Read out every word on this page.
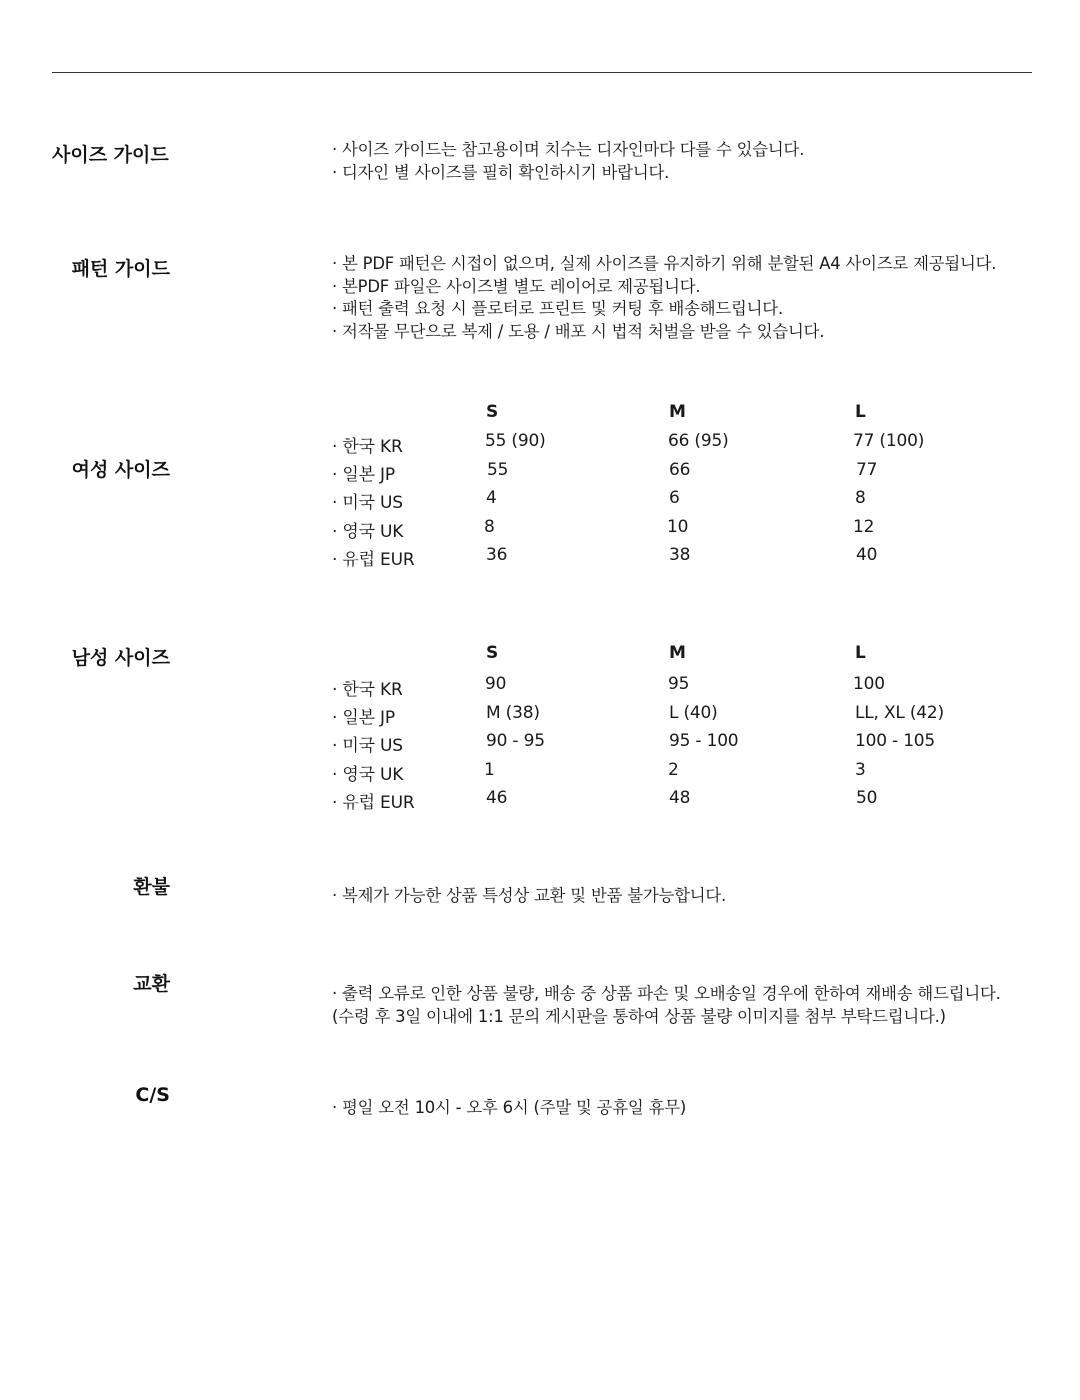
사이즈 가이드	· 사이즈 가이드는 참고용이며 치수는 디자인마다 다를 수 있습니다.
· 디자인 별 사이즈를 필히 확인하시기 바랍니다.
패턴 가이드	· 본 PDF 패턴은 시접이 없으며, 실제 사이즈를 유지하기 위해 분할된 A4 사이즈로 제공됩니다.
· 본PDF 파일은 사이즈별 별도 레이어로 제공됩니다.
· 패턴 출력 요청 시 플로터로 프린트 및 커팅 후 배송해드립니다.
· 저작물 무단으로 복제 / 도용 / 배포 시 법적 처벌을 받을 수 있습니다.
여성 사이즈
S	M	L
· 한국 KR	55 (90)	66 (95)	77 (100)
· 일본 JP	55	66	77
· 미국 US	4	6	8
· 영국 UK	8	10	12
· 유럽 EUR	36	38	40
남성 사이즈	S	M	L
· 한국 KR	90	95	100
· 일본 JP	M (38)	L (40)	LL, XL (42)
· 미국 US	90 - 95	95 - 100	100 - 105
· 영국 UK	1	2	3
· 유럽 EUR	46	48	50
환불	· 복제가 가능한 상품 특성상 교환 및 반품 불가능합니다.
교환	· 출력 오류로 인한 상품 불량, 배송 중 상품 파손 및 오배송일 경우에 한하여 재배송 해드립니다.
(수령 후 3일 이내에 1:1 문의 게시판을 통하여 상품 불량 이미지를 첨부 부탁드립니다.)
C/S
· 평일 오전 10시 - 오후 6시 (주말 및 공휴일 휴무)
